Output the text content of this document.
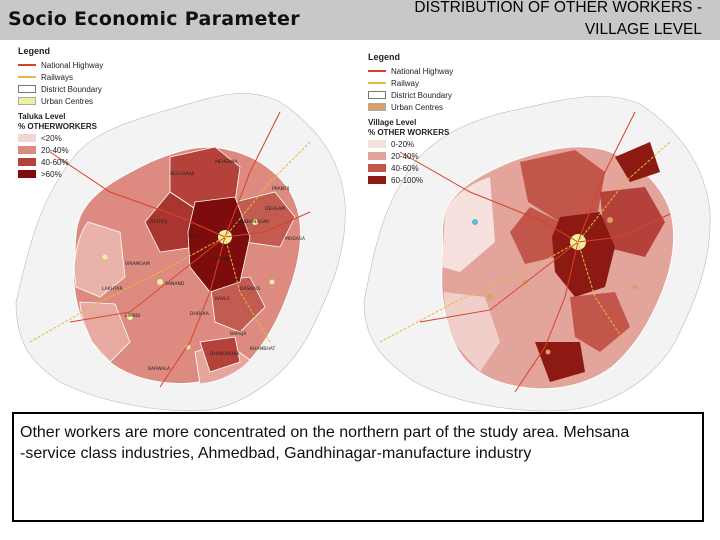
Socio Economic Parameter
DISTRIBUTION OF OTHER WORKERS -
VILLAGE LEVEL
Legend
National Highway
Railways
District Boundary
Urban Centres
Taluka Level
% OTHERWORKERS
<20%
20-40%
40-60%
>60%
MEHSANA
BECHARAJI
DETROJ
KADI
KALOL
DEHGAM
GANDHINAGAR
SANAND
VIRAMGAM
DHOLKA
BAVLA
DASKROI
BAREJA
BARWALA
DHANDHUKA
KHAMBHAT
LIMBDI
PRANTIJ
MODASA
LAKHTAR
Legend
National Highway
Railway
District Boundary
Urban Centres
Village Level
% OTHER WORKERS
0-20%
20-40%
40-60%
60-100%
Other workers are more concentrated on the northern part of the study area. Mehsana
-service class industries, Ahmedbad, Gandhinagar-manufacture industry
